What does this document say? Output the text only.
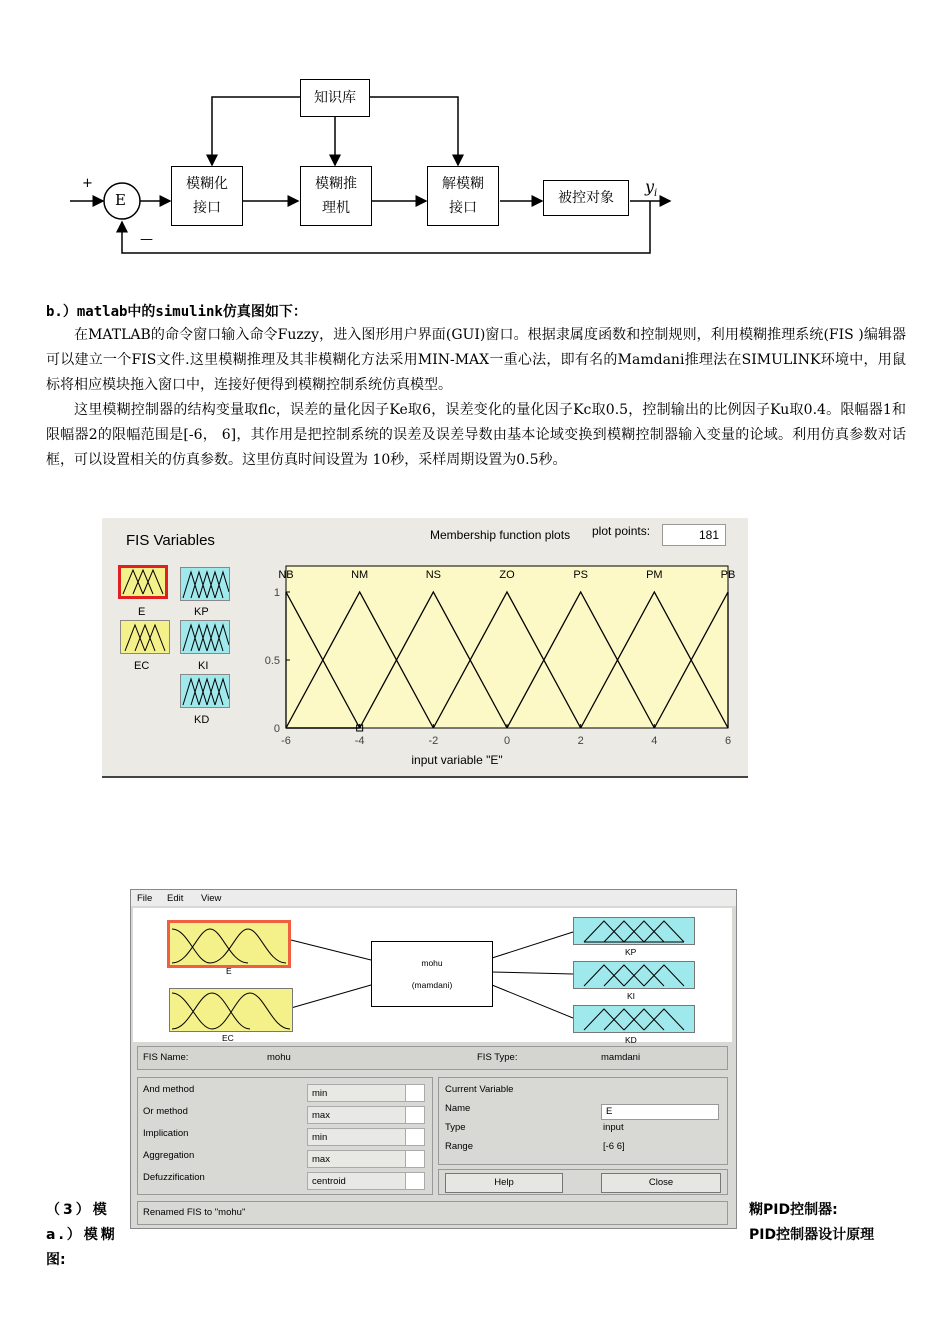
知识库
模糊化
接口
模糊推
理机
解模糊
接口
被控对象
E
+
—
$y_i$
b.）matlab中的simulink仿真图如下：
在MATLAB的命令窗口输入命令Fuzzy，进入图形用户界面(GUI)窗口。根据隶属度函数和控制规则，利用模糊推理系统(FIS )编辑器可以建立一个FIS文件.这里模糊推理及其非模糊化方法采用MIN-MAX一重心法，即有名的Mamdani推理法在SIMULINK环境中，用鼠标将相应模块拖入窗口中，连接好便得到模糊控制系统仿真模型。
这里模糊控制器的结构变量取flc，误差的量化因子Ke取6，误差变化的量化因子Kc取0.5，控制输出的比例因子Ku取0.4。限幅器1和限幅器2的限幅范围是[-6， 6]，其作用是把控制系统的误差及误差导数由基本论域变换到模糊控制器输入变量的论域。利用仿真参数对话框，可以设置相关的仿真参数。这里仿真时间设置为 10秒，采样周期设置为0.5秒。
FIS Variables	Membership function plots plot points:	181
E
EC
KP
KI
KD
NB	NM	NS	ZO	PS	PM	PB
-6	-4	-2	0	2	4	6
0
0.5
1
input variable "E"
File Edit View
E
EC
mohu
(mamdani)
KP
KI
KD
FIS Name:	mohu	FIS Type:	mamdani
And method	min
Or method	max
Implication	min
Aggregation	max
Defuzzification	centroid
Current Variable
Name	E
Type	input
Range	[-6 6]
Help	Close
Renamed FIS to "mohu"
（3）模	糊PID控制器:
a.）模糊	PID控制器设计原理
图:
